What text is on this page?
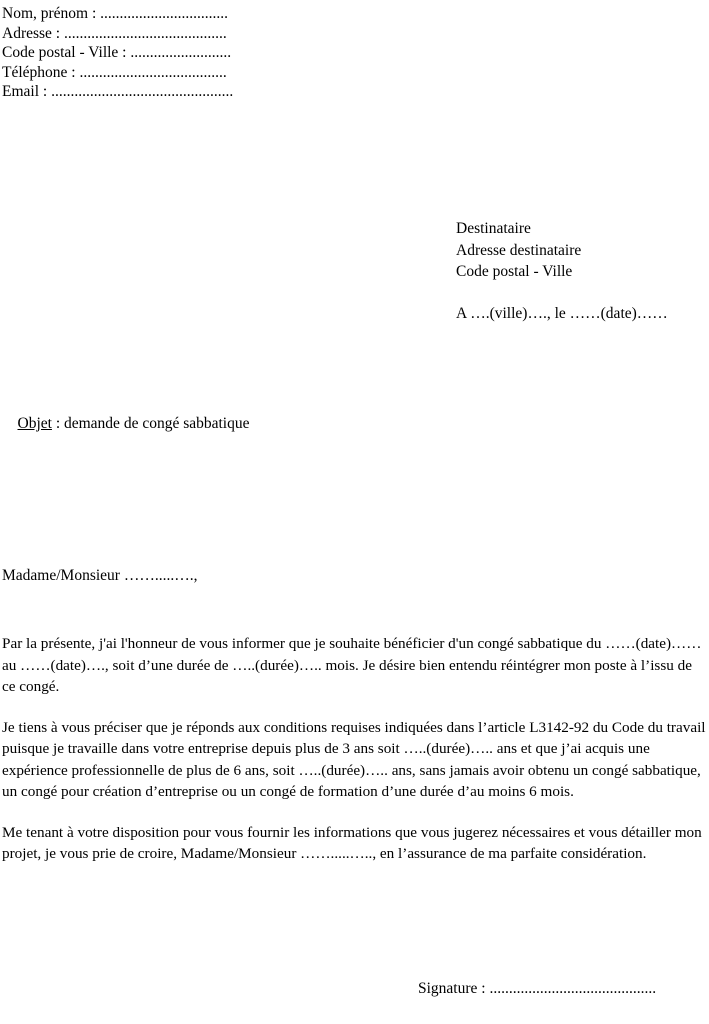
Nom, prénom : .................................
Adresse : ..........................................
Code postal - Ville : ..........................
Téléphone : ......................................
Email : ...............................................
Destinataire
Adresse destinataire
Code postal - Ville
A ….(ville)…., le ……(date)……

Objet : demande de congé sabbatique

Madame/Monsieur …….....….,

Par la présente, j'ai l'honneur de vous informer que je souhaite bénéficier d'un congé sabbatique du ……(date)…… au ……(date)…., soit d’une durée de …..(durée)….. mois. Je désire bien entendu réintégrer mon poste à l’issu de ce congé.

Je tiens à vous préciser que je réponds aux conditions requises indiquées dans l’article L3142-92 du Code du travail puisque je travaille dans votre entreprise depuis plus de 3 ans soit …..(durée)….. ans et que j’ai acquis une expérience professionnelle de plus de 6 ans, soit …..(durée)….. ans, sans jamais avoir obtenu un congé sabbatique, un congé pour création d’entreprise ou un congé de formation d’une durée d’au moins 6 mois.

Me tenant à votre disposition pour vous fournir les informations que vous jugerez nécessaires et vous détailler mon projet, je vous prie de croire, Madame/Monsieur …….....….., en l’assurance de ma parfaite considération.

Signature : ...........................................
